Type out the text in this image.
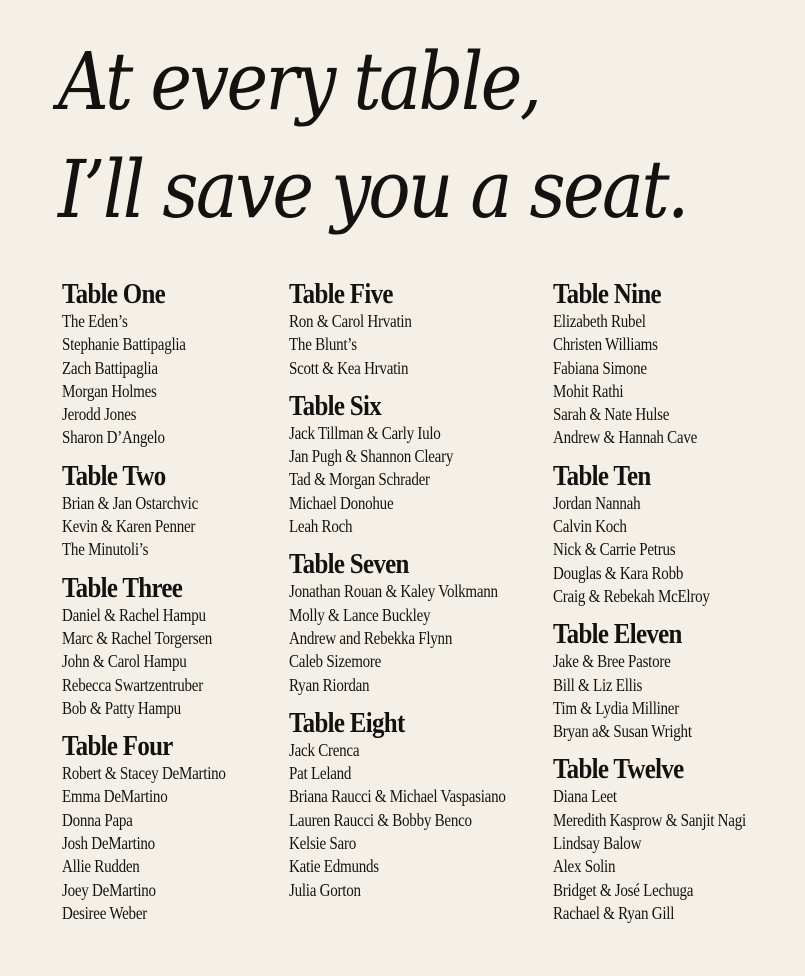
At every table,
I’ll save you a seat.
Table One
The Eden’s
Stephanie Battipaglia
Zach Battipaglia
Morgan Holmes
Jerodd Jones
Sharon D’Angelo
Table Two
Brian & Jan Ostarchvic
Kevin & Karen Penner
The Minutoli’s
Table Three
Daniel & Rachel Hampu
Marc & Rachel Torgersen
John & Carol Hampu
Rebecca Swartzentruber
Bob & Patty Hampu
Table Four
Robert & Stacey DeMartino
Emma DeMartino
Donna Papa
Josh DeMartino
Allie Rudden
Joey DeMartino
Desiree Weber
Table Five
Ron & Carol Hrvatin
The Blunt’s
Scott & Kea Hrvatin
Table Six
Jack Tillman & Carly Iulo
Jan Pugh & Shannon Cleary
Tad & Morgan Schrader
Michael Donohue
Leah Roch
Table Seven
Jonathan Rouan & Kaley Volkmann
Molly & Lance Buckley
Andrew and Rebekka Flynn
Caleb Sizemore
Ryan Riordan
Table Eight
Jack Crenca
Pat Leland
Briana Raucci & Michael Vaspasiano
Lauren Raucci & Bobby Benco
Kelsie Saro
Katie Edmunds
Julia Gorton
Table Nine
Elizabeth Rubel
Christen Williams
Fabiana Simone
Mohit Rathi
Sarah & Nate Hulse
Andrew & Hannah Cave
Table Ten
Jordan Nannah
Calvin Koch
Nick & Carrie Petrus
Douglas & Kara Robb
Craig & Rebekah McElroy
Table Eleven
Jake & Bree Pastore
Bill & Liz Ellis
Tim & Lydia Milliner
Bryan a& Susan Wright
Table Twelve
Diana Leet
Meredith Kasprow & Sanjit Nagi
Lindsay Balow
Alex Solin
Bridget & José Lechuga
Rachael & Ryan Gill
